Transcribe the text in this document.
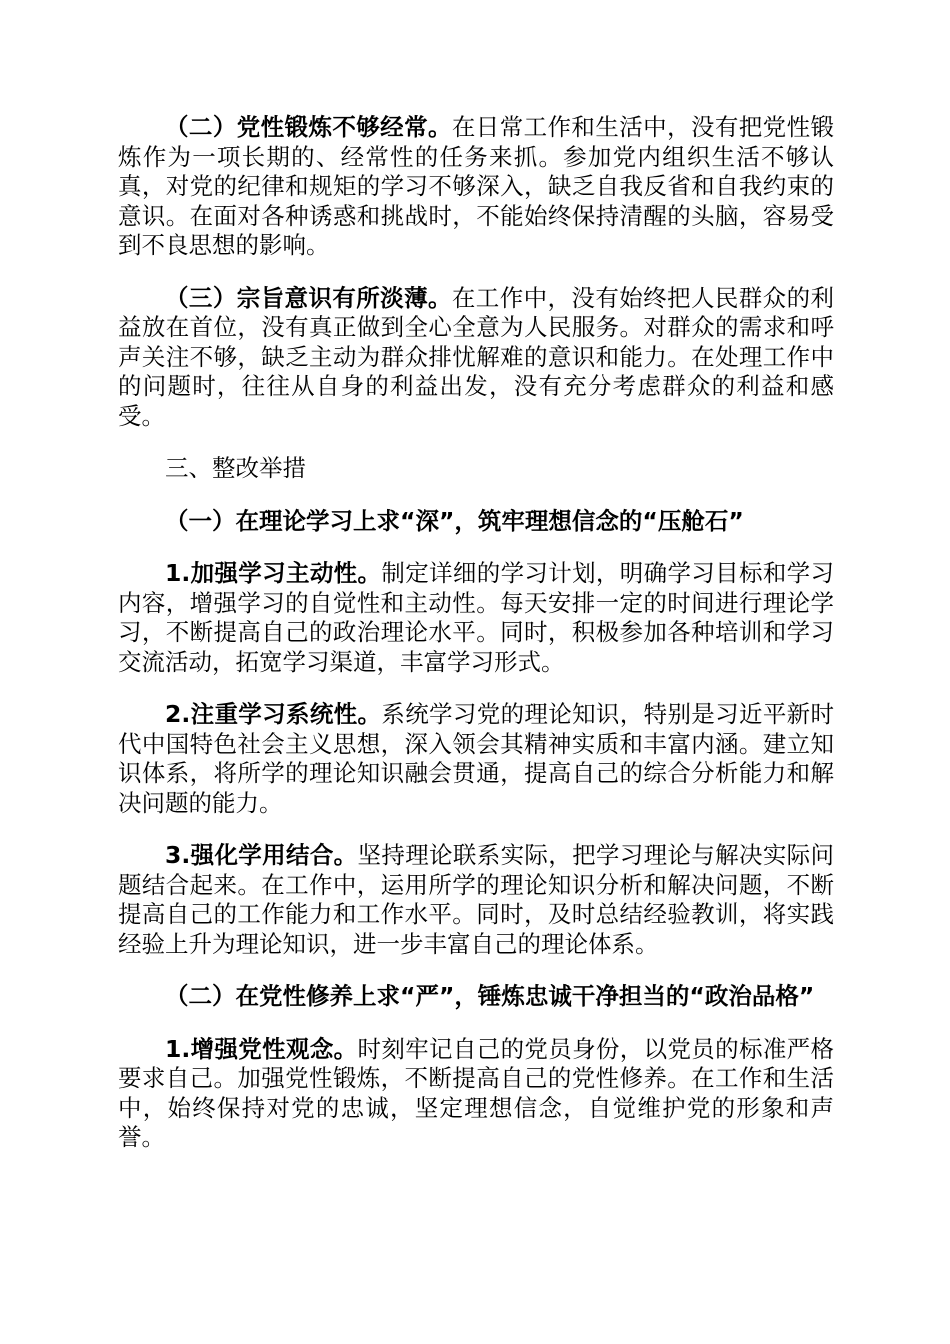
（二）党性锻炼不够经常。在日常工作和生活中，没有把党性锻炼作为一项长期的、经常性的任务来抓。参加党内组织生活不够认真，对党的纪律和规矩的学习不够深入，缺乏自我反省和自我约束的意识。在面对各种诱惑和挑战时，不能始终保持清醒的头脑，容易受到不良思想的影响。

（三）宗旨意识有所淡薄。在工作中，没有始终把人民群众的利益放在首位，没有真正做到全心全意为人民服务。对群众的需求和呼声关注不够，缺乏主动为群众排忧解难的意识和能力。在处理工作中的问题时，往往从自身的利益出发，没有充分考虑群众的利益和感受。

三、整改举措

（一）在理论学习上求“深”，筑牢理想信念的“压舱石”

1.加强学习主动性。制定详细的学习计划，明确学习目标和学习内容，增强学习的自觉性和主动性。每天安排一定的时间进行理论学习，不断提高自己的政治理论水平。同时，积极参加各种培训和学习交流活动，拓宽学习渠道，丰富学习形式。

2.注重学习系统性。系统学习党的理论知识，特别是习近平新时代中国特色社会主义思想，深入领会其精神实质和丰富内涵。建立知识体系，将所学的理论知识融会贯通，提高自己的综合分析能力和解决问题的能力。

3.强化学用结合。坚持理论联系实际，把学习理论与解决实际问题结合起来。在工作中，运用所学的理论知识分析和解决问题，不断提高自己的工作能力和工作水平。同时，及时总结经验教训，将实践经验上升为理论知识，进一步丰富自己的理论体系。

（二）在党性修养上求“严”，锤炼忠诚干净担当的“政治品格”

1.增强党性观念。时刻牢记自己的党员身份，以党员的标准严格要求自己。加强党性锻炼，不断提高自己的党性修养。在工作和生活中，始终保持对党的忠诚，坚定理想信念，自觉维护党的形象和声誉。
